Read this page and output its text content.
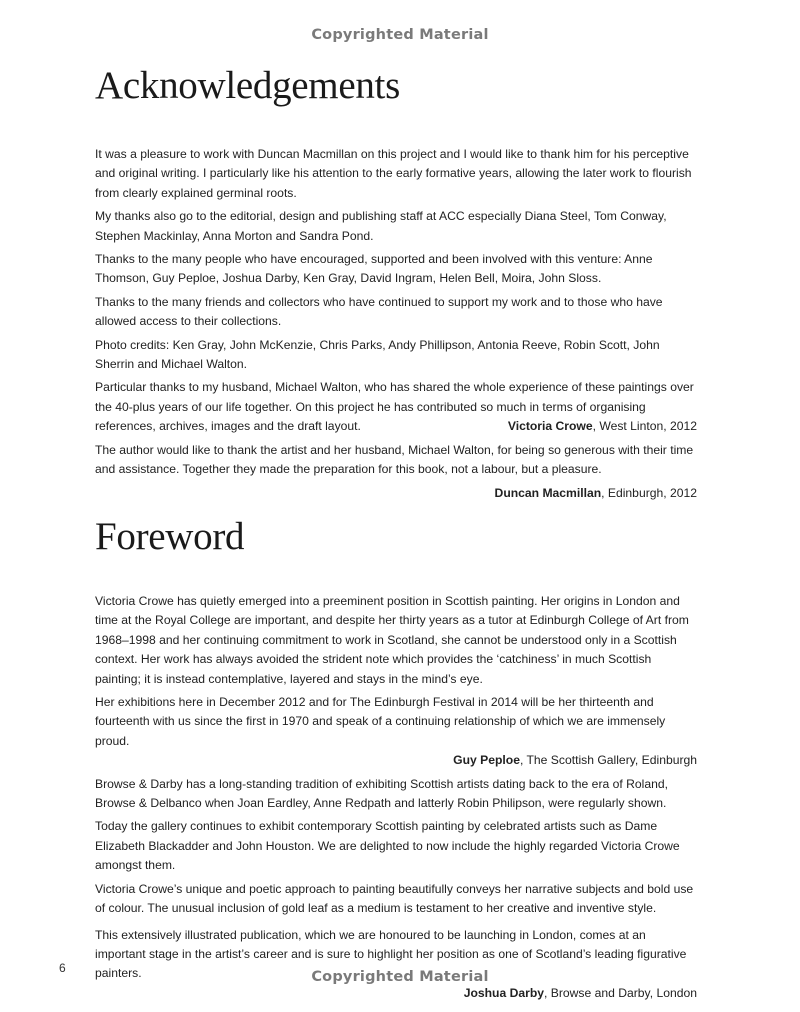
Copyrighted Material
Acknowledgements

It was a pleasure to work with Duncan Macmillan on this project and I would like to thank him for his perceptive and original writing. I particularly like his attention to the early formative years, allowing the later work to flourish from clearly explained germinal roots.

My thanks also go to the editorial, design and publishing staff at ACC especially Diana Steel, Tom Conway, Stephen Mackinlay, Anna Morton and Sandra Pond.

Thanks to the many people who have encouraged, supported and been involved with this venture: Anne Thomson, Guy Peploe, Joshua Darby, Ken Gray, David Ingram, Helen Bell, Moira, John Sloss.

Thanks to the many friends and collectors who have continued to support my work and to those who have allowed access to their collections.

Photo credits: Ken Gray, John McKenzie, Chris Parks, Andy Phillipson, Antonia Reeve, Robin Scott, John Sherrin and Michael Walton.

Particular thanks to my husband, Michael Walton, who has shared the whole experience of these paintings over the 40-plus years of our life together. On this project he has contributed so much in terms of organising references, archives, images and the draft layout.	Victoria Crowe, West Linton, 2012

The author would like to thank the artist and her husband, Michael Walton, for being so generous with their time and assistance. Together they made the preparation for this book, not a labour, but a pleasure.

Duncan Macmillan, Edinburgh, 2012
Foreword

Victoria Crowe has quietly emerged into a preeminent position in Scottish painting. Her origins in London and time at the Royal College are important, and despite her thirty years as a tutor at Edinburgh College of Art from 1968–1998 and her continuing commitment to work in Scotland, she cannot be understood only in a Scottish context. Her work has always avoided the strident note which provides the ‘catchiness’ in much Scottish painting; it is instead contemplative, layered and stays in the mind’s eye.

Her exhibitions here in December 2012 and for The Edinburgh Festival in 2014 will be her thirteenth and fourteenth with us since the first in 1970 and speak of a continuing relationship of which we are immensely proud.

Guy Peploe, The Scottish Gallery, Edinburgh

Browse & Darby has a long-standing tradition of exhibiting Scottish artists dating back to the era of Roland, Browse & Delbanco when Joan Eardley, Anne Redpath and latterly Robin Philipson, were regularly shown.

Today the gallery continues to exhibit contemporary Scottish painting by celebrated artists such as Dame Elizabeth Blackadder and John Houston. We are delighted to now include the highly regarded Victoria Crowe amongst them.

Victoria Crowe’s unique and poetic approach to painting beautifully conveys her narrative subjects and bold use of colour. The unusual inclusion of gold leaf as a medium is testament to her creative and inventive style.

This extensively illustrated publication, which we are honoured to be launching in London, comes at an important stage in the artist’s career and is sure to highlight her position as one of Scotland’s leading figurative painters.

Joshua Darby, Browse and Darby, London
6
Copyrighted Material
